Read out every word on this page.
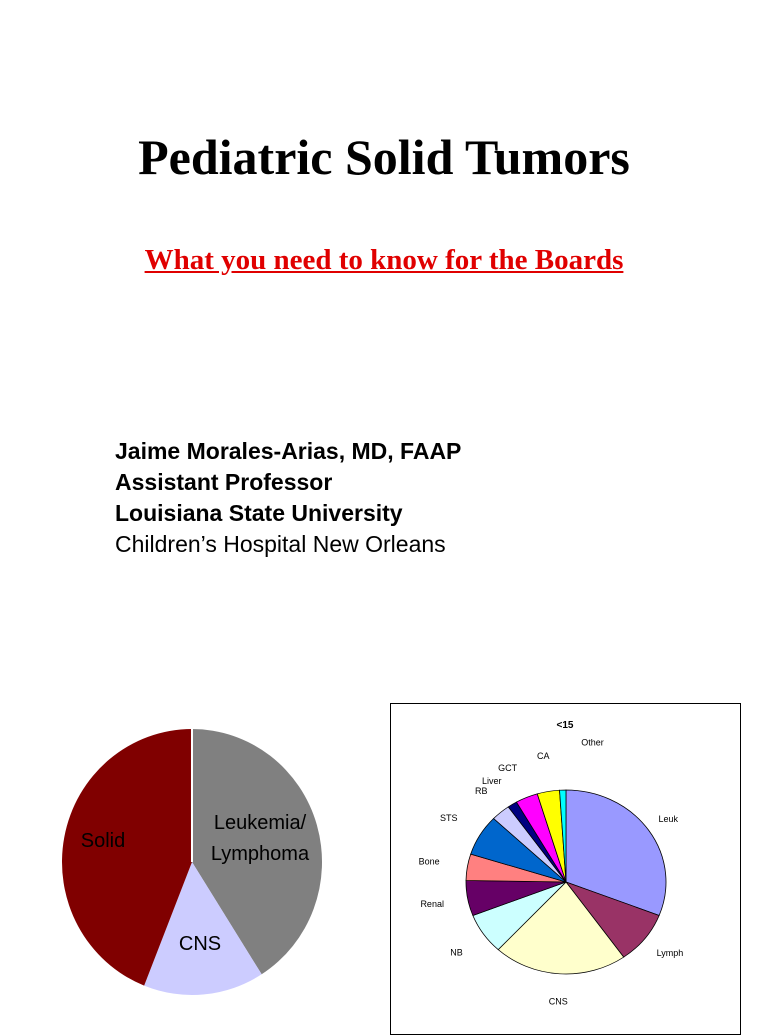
Pediatric Solid Tumors
What you need to know for the Boards
Jaime Morales-Arias, MD, FAAP
Assistant Professor
Louisiana State University
Children’s Hospital New Orleans
Leukemia/ Lymphoma
CNS
Solid
<15
Leuk
Lymph
CNS
NB
Renal
Bone
STS
RB
Liver
GCT
CA
Other
